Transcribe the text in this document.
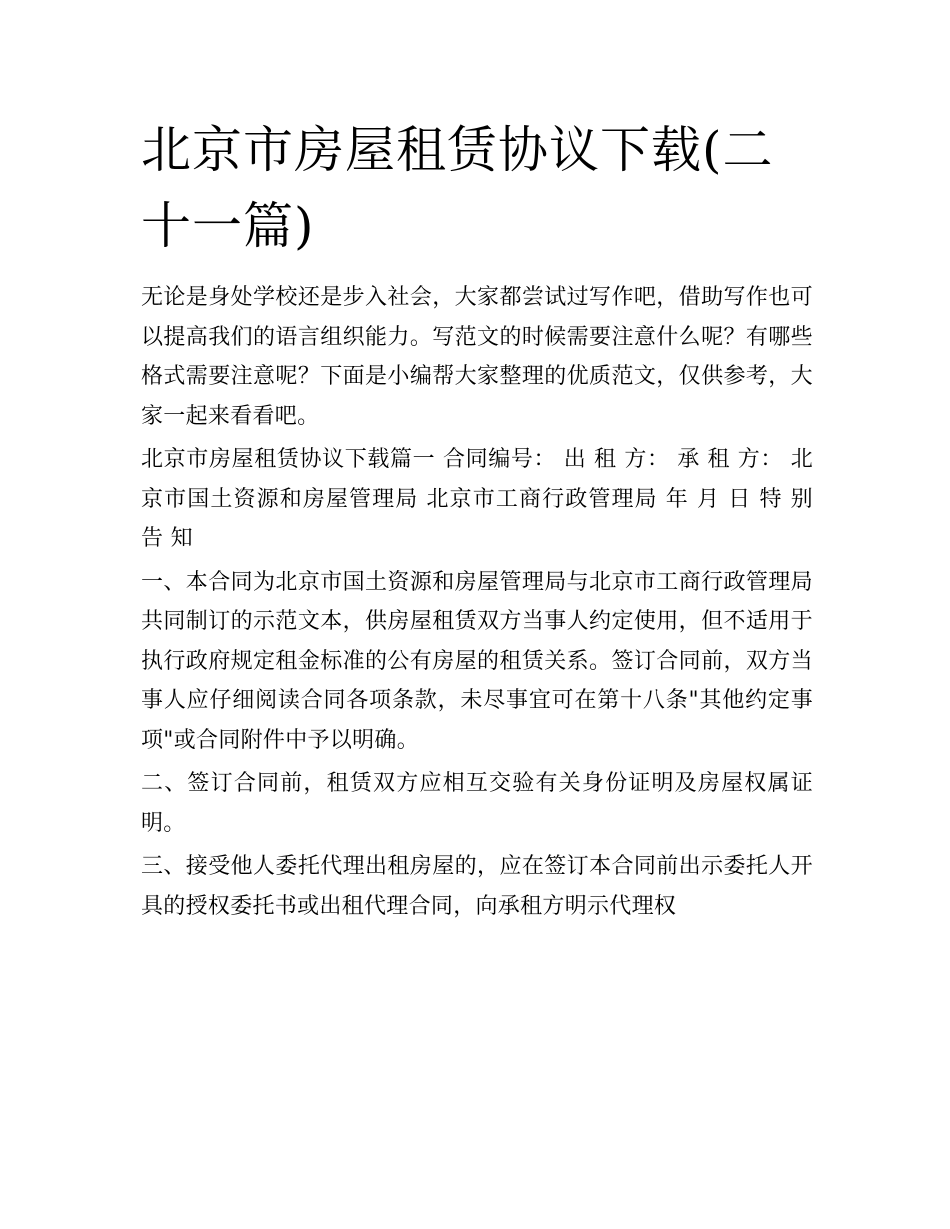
北京市房屋租赁协议下载(二十一篇)

无论是身处学校还是步入社会，大家都尝试过写作吧，借助写作也可以提高我们的语言组织能力。写范文的时候需要注意什么呢？有哪些格式需要注意呢？下面是小编帮大家整理的优质范文，仅供参考，大家一起来看看吧。

北京市房屋租赁协议下载篇一 合同编号： 出 租 方： 承 租 方： 北京市国土资源和房屋管理局 北京市工商行政管理局 年 月 日 特 别 告 知

一、本合同为北京市国土资源和房屋管理局与北京市工商行政管理局共同制订的示范文本，供房屋租赁双方当事人约定使用，但不适用于执行政府规定租金标准的公有房屋的租赁关系。签订合同前，双方当事人应仔细阅读合同各项条款，未尽事宜可在第十八条"其他约定事项"或合同附件中予以明确。

二、签订合同前，租赁双方应相互交验有关身份证明及房屋权属证明。

三、接受他人委托代理出租房屋的，应在签订本合同前出示委托人开具的授权委托书或出租代理合同，向承租方明示代理权
